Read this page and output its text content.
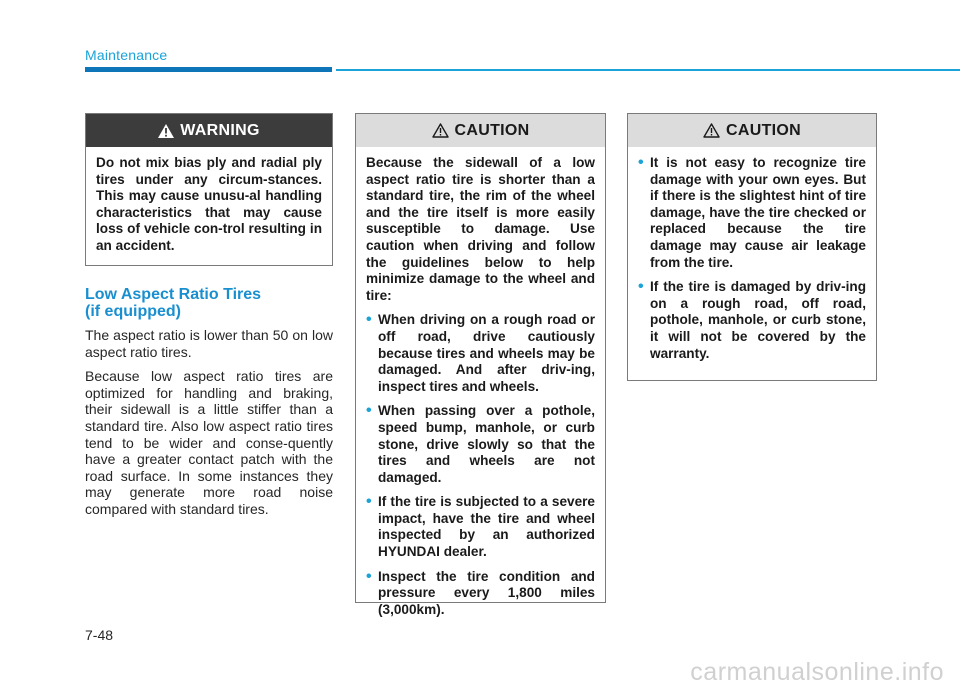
Maintenance
WARNING

Do not mix bias ply and radial ply tires under any circum-stances. This may cause unusu-al handling characteristics that may cause loss of vehicle con-trol resulting in an accident.

Low Aspect Ratio Tires
(if equipped)

The aspect ratio is lower than 50 on low aspect ratio tires.

Because low aspect ratio tires are optimized for handling and braking, their sidewall is a little stiffer than a standard tire. Also low aspect ratio tires tend to be wider and conse-quently have a greater contact patch with the road surface. In some instances they may generate more road noise compared with standard tires.

CAUTION

Because the sidewall of a low aspect ratio tire is shorter than a standard tire, the rim of the wheel and the tire itself is more easily susceptible to damage. Use caution when driving and follow the guidelines below to help minimize damage to the wheel and tire:

• When driving on a rough road or off road, drive cautiously because tires and wheels may be damaged. And after driv-ing, inspect tires and wheels.
• When passing over a pothole, speed bump, manhole, or curb stone, drive slowly so that the tires and wheels are not damaged.
• If the tire is subjected to a severe impact, have the tire and wheel inspected by an authorized HYUNDAI dealer.
• Inspect the tire condition and pressure every 1,800 miles (3,000km).
CAUTION
• It is not easy to recognize tire damage with your own eyes. But if there is the slightest hint of tire damage, have the tire checked or replaced because the tire damage may cause air leakage from the tire.
• If the tire is damaged by driv-ing on a rough road, off road, pothole, manhole, or curb stone, it will not be covered by the warranty.
7-48
carmanualsonline.info
